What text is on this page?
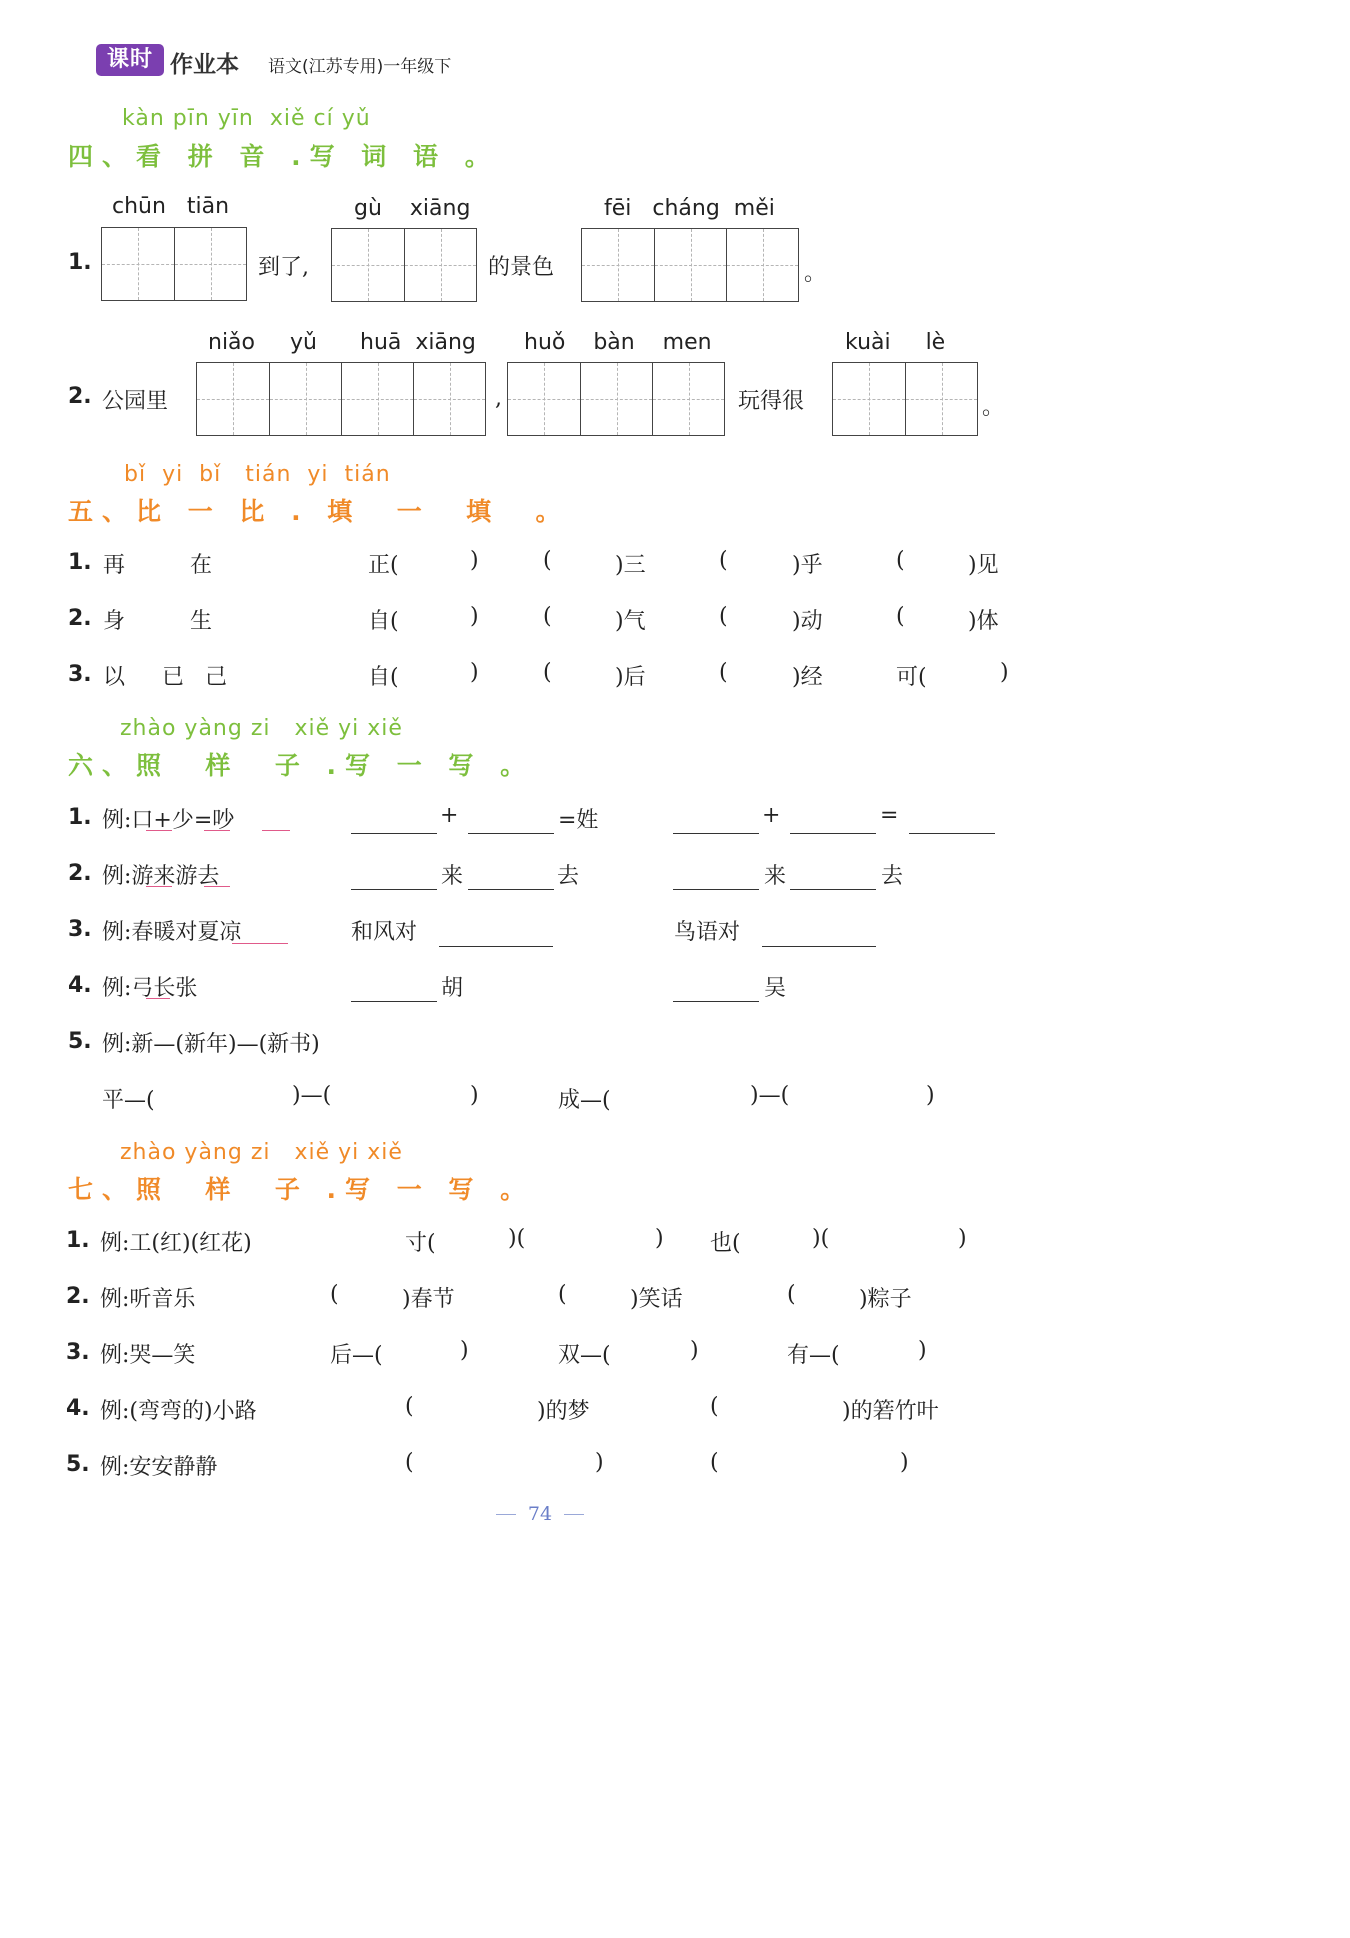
课时 作业本 语文(江苏专用)一年级下
kàn pīn yīn  xiě cí yǔ
四、看 拼 音 .写 词 语 。
1.
chūn   tiān
到了,
gù    xiāng
的景色
fēi   cháng  měi
。
2. 公园里
niǎo     yǔ huā  xiāng
,
huǒ    bàn    men
玩得很
kuài     lè
。
bǐ  yi  bǐ   tián  yi  tián
五、比 一 比 . 填  一  填  。
1. 再	在	正(	)	(	)三	(	)乎	(	)见
2. 身	生	自(	)	(	)气	(	)动	(	)体
3. 以 已   己	自(	)	(	)后	(	)经	可(	)
zhào yàng zi   xiě yi xiě
六、照  样  子 .写 一 写 。
1. 例:口+少=吵	+	=姓	+	=
2. 例:游来游去	来	去	来	去
3. 例:春暖对夏凉	和风对	鸟语对
4. 例:弓长张	胡	吴
5. 例:新—(新年)—(新书)
平—(	)—(	)	成—(	)—(	)
zhào yàng zi   xiě yi xiě
七、照  样  子 .写 一 写 。
1. 例:工(红)(红花)	寸(	)(	) 也(	)(	)
2. 例:听音乐	(	)春节	(	)笑话	(	)粽子
3. 例:哭—笑	后—(	)	双—(	)	有—(	)
4. 例:(弯弯的)小路	(	)的梦	(	)的箬竹叶
5. 例:安安静静	(	)	(	)
74
